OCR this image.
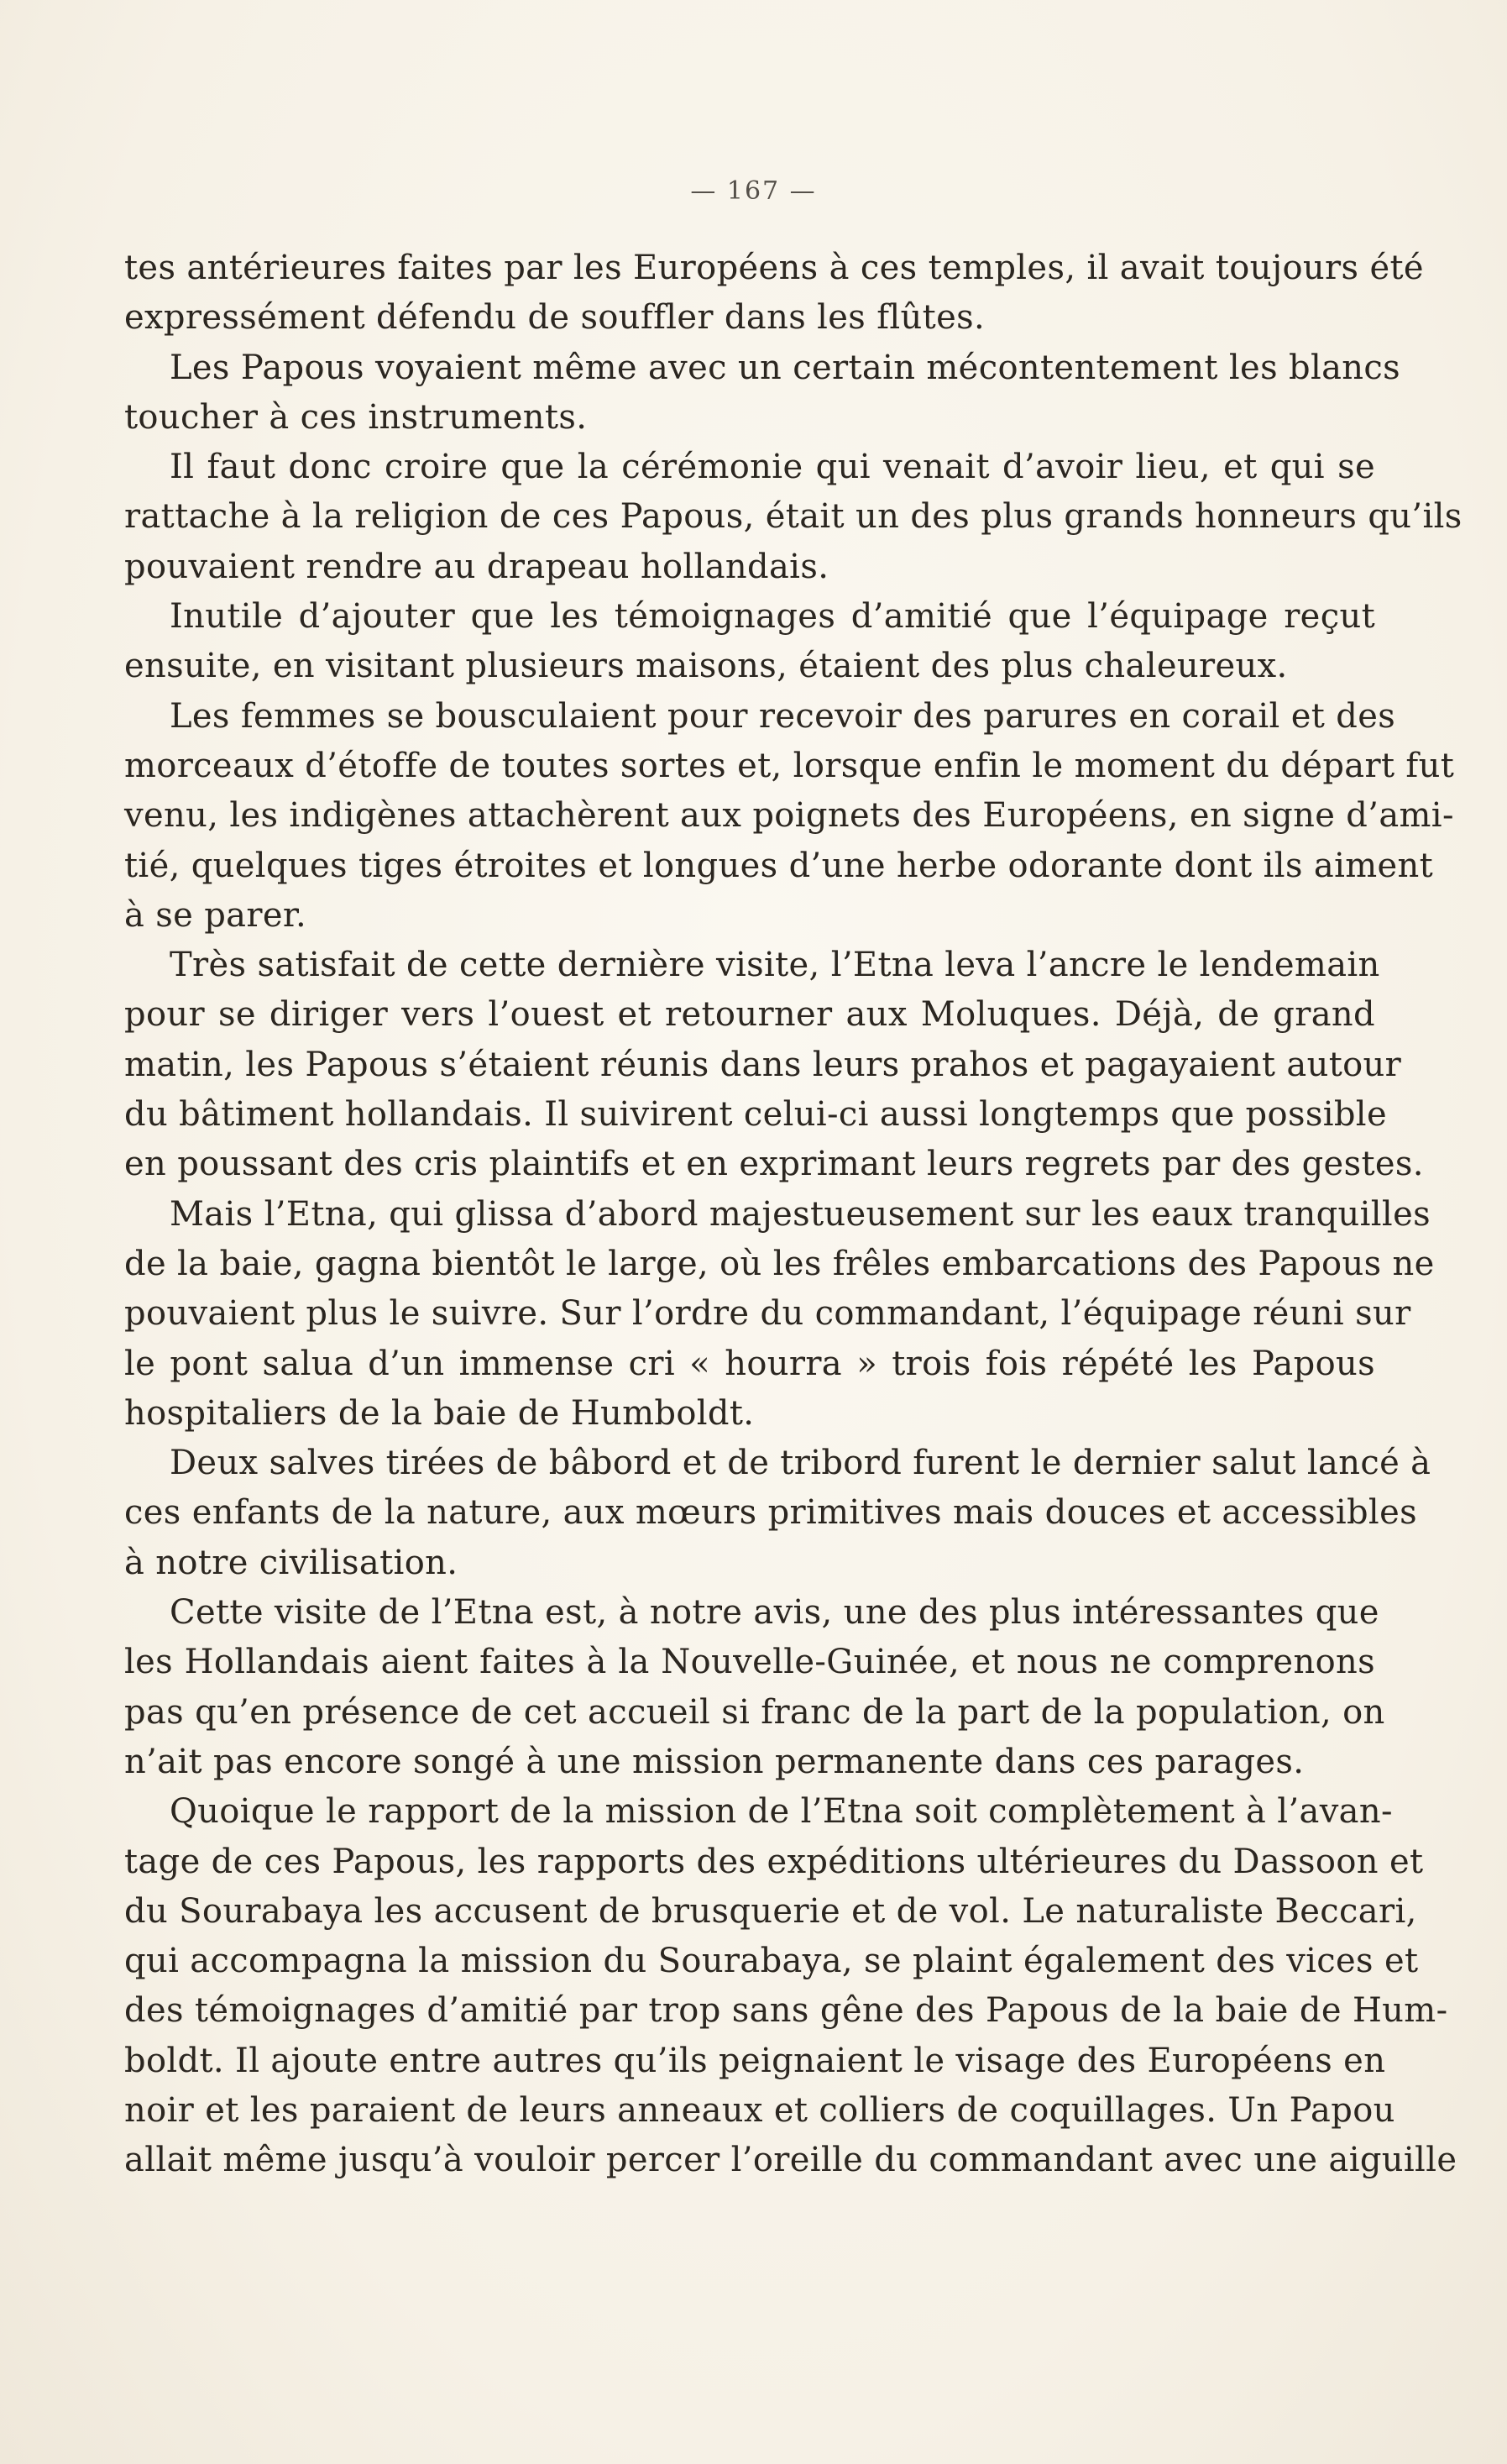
— 167 —
tes antérieures faites par les Européens à ces temples, il avait toujours été
expressément défendu de souffler dans les flûtes.
Les Papous voyaient même avec un certain mécontentement les blancs
toucher à ces instruments.
Il faut donc croire que la cérémonie qui venait d’avoir lieu, et qui se
rattache à la religion de ces Papous, était un des plus grands honneurs qu’ils
pouvaient rendre au drapeau hollandais.
Inutile d’ajouter que les témoignages d’amitié que l’équipage reçut
ensuite, en visitant plusieurs maisons, étaient des plus chaleureux.
Les femmes se bousculaient pour recevoir des parures en corail et des
morceaux d’étoffe de toutes sortes et, lorsque enfin le moment du départ fut
venu, les indigènes attachèrent aux poignets des Européens, en signe d’ami-
tié, quelques tiges étroites et longues d’une herbe odorante dont ils aiment
à se parer.
Très satisfait de cette dernière visite, l’Etna leva l’ancre le lendemain
pour se diriger vers l’ouest et retourner aux Moluques. Déjà, de grand
matin, les Papous s’étaient réunis dans leurs prahos et pagayaient autour
du bâtiment hollandais. Il suivirent celui-ci aussi longtemps que possible
en poussant des cris plaintifs et en exprimant leurs regrets par des gestes.
Mais l’Etna, qui glissa d’abord majestueusement sur les eaux tranquilles
de la baie, gagna bientôt le large, où les frêles embarcations des Papous ne
pouvaient plus le suivre. Sur l’ordre du commandant, l’équipage réuni sur
le pont salua d’un immense cri « hourra » trois fois répété les Papous
hospitaliers de la baie de Humboldt.
Deux salves tirées de bâbord et de tribord furent le dernier salut lancé à
ces enfants de la nature, aux mœurs primitives mais douces et accessibles
à notre civilisation.
Cette visite de l’Etna est, à notre avis, une des plus intéressantes que
les Hollandais aient faites à la Nouvelle-Guinée, et nous ne comprenons
pas qu’en présence de cet accueil si franc de la part de la population, on
n’ait pas encore songé à une mission permanente dans ces parages.
Quoique le rapport de la mission de l’Etna soit complètement à l’avan-
tage de ces Papous, les rapports des expéditions ultérieures du Dassoon et
du Sourabaya les accusent de brusquerie et de vol. Le naturaliste Beccari,
qui accompagna la mission du Sourabaya, se plaint également des vices et
des témoignages d’amitié par trop sans gêne des Papous de la baie de Hum-
boldt. Il ajoute entre autres qu’ils peignaient le visage des Européens en
noir et les paraient de leurs anneaux et colliers de coquillages. Un Papou
allait même jusqu’à vouloir percer l’oreille du commandant avec une aiguille
